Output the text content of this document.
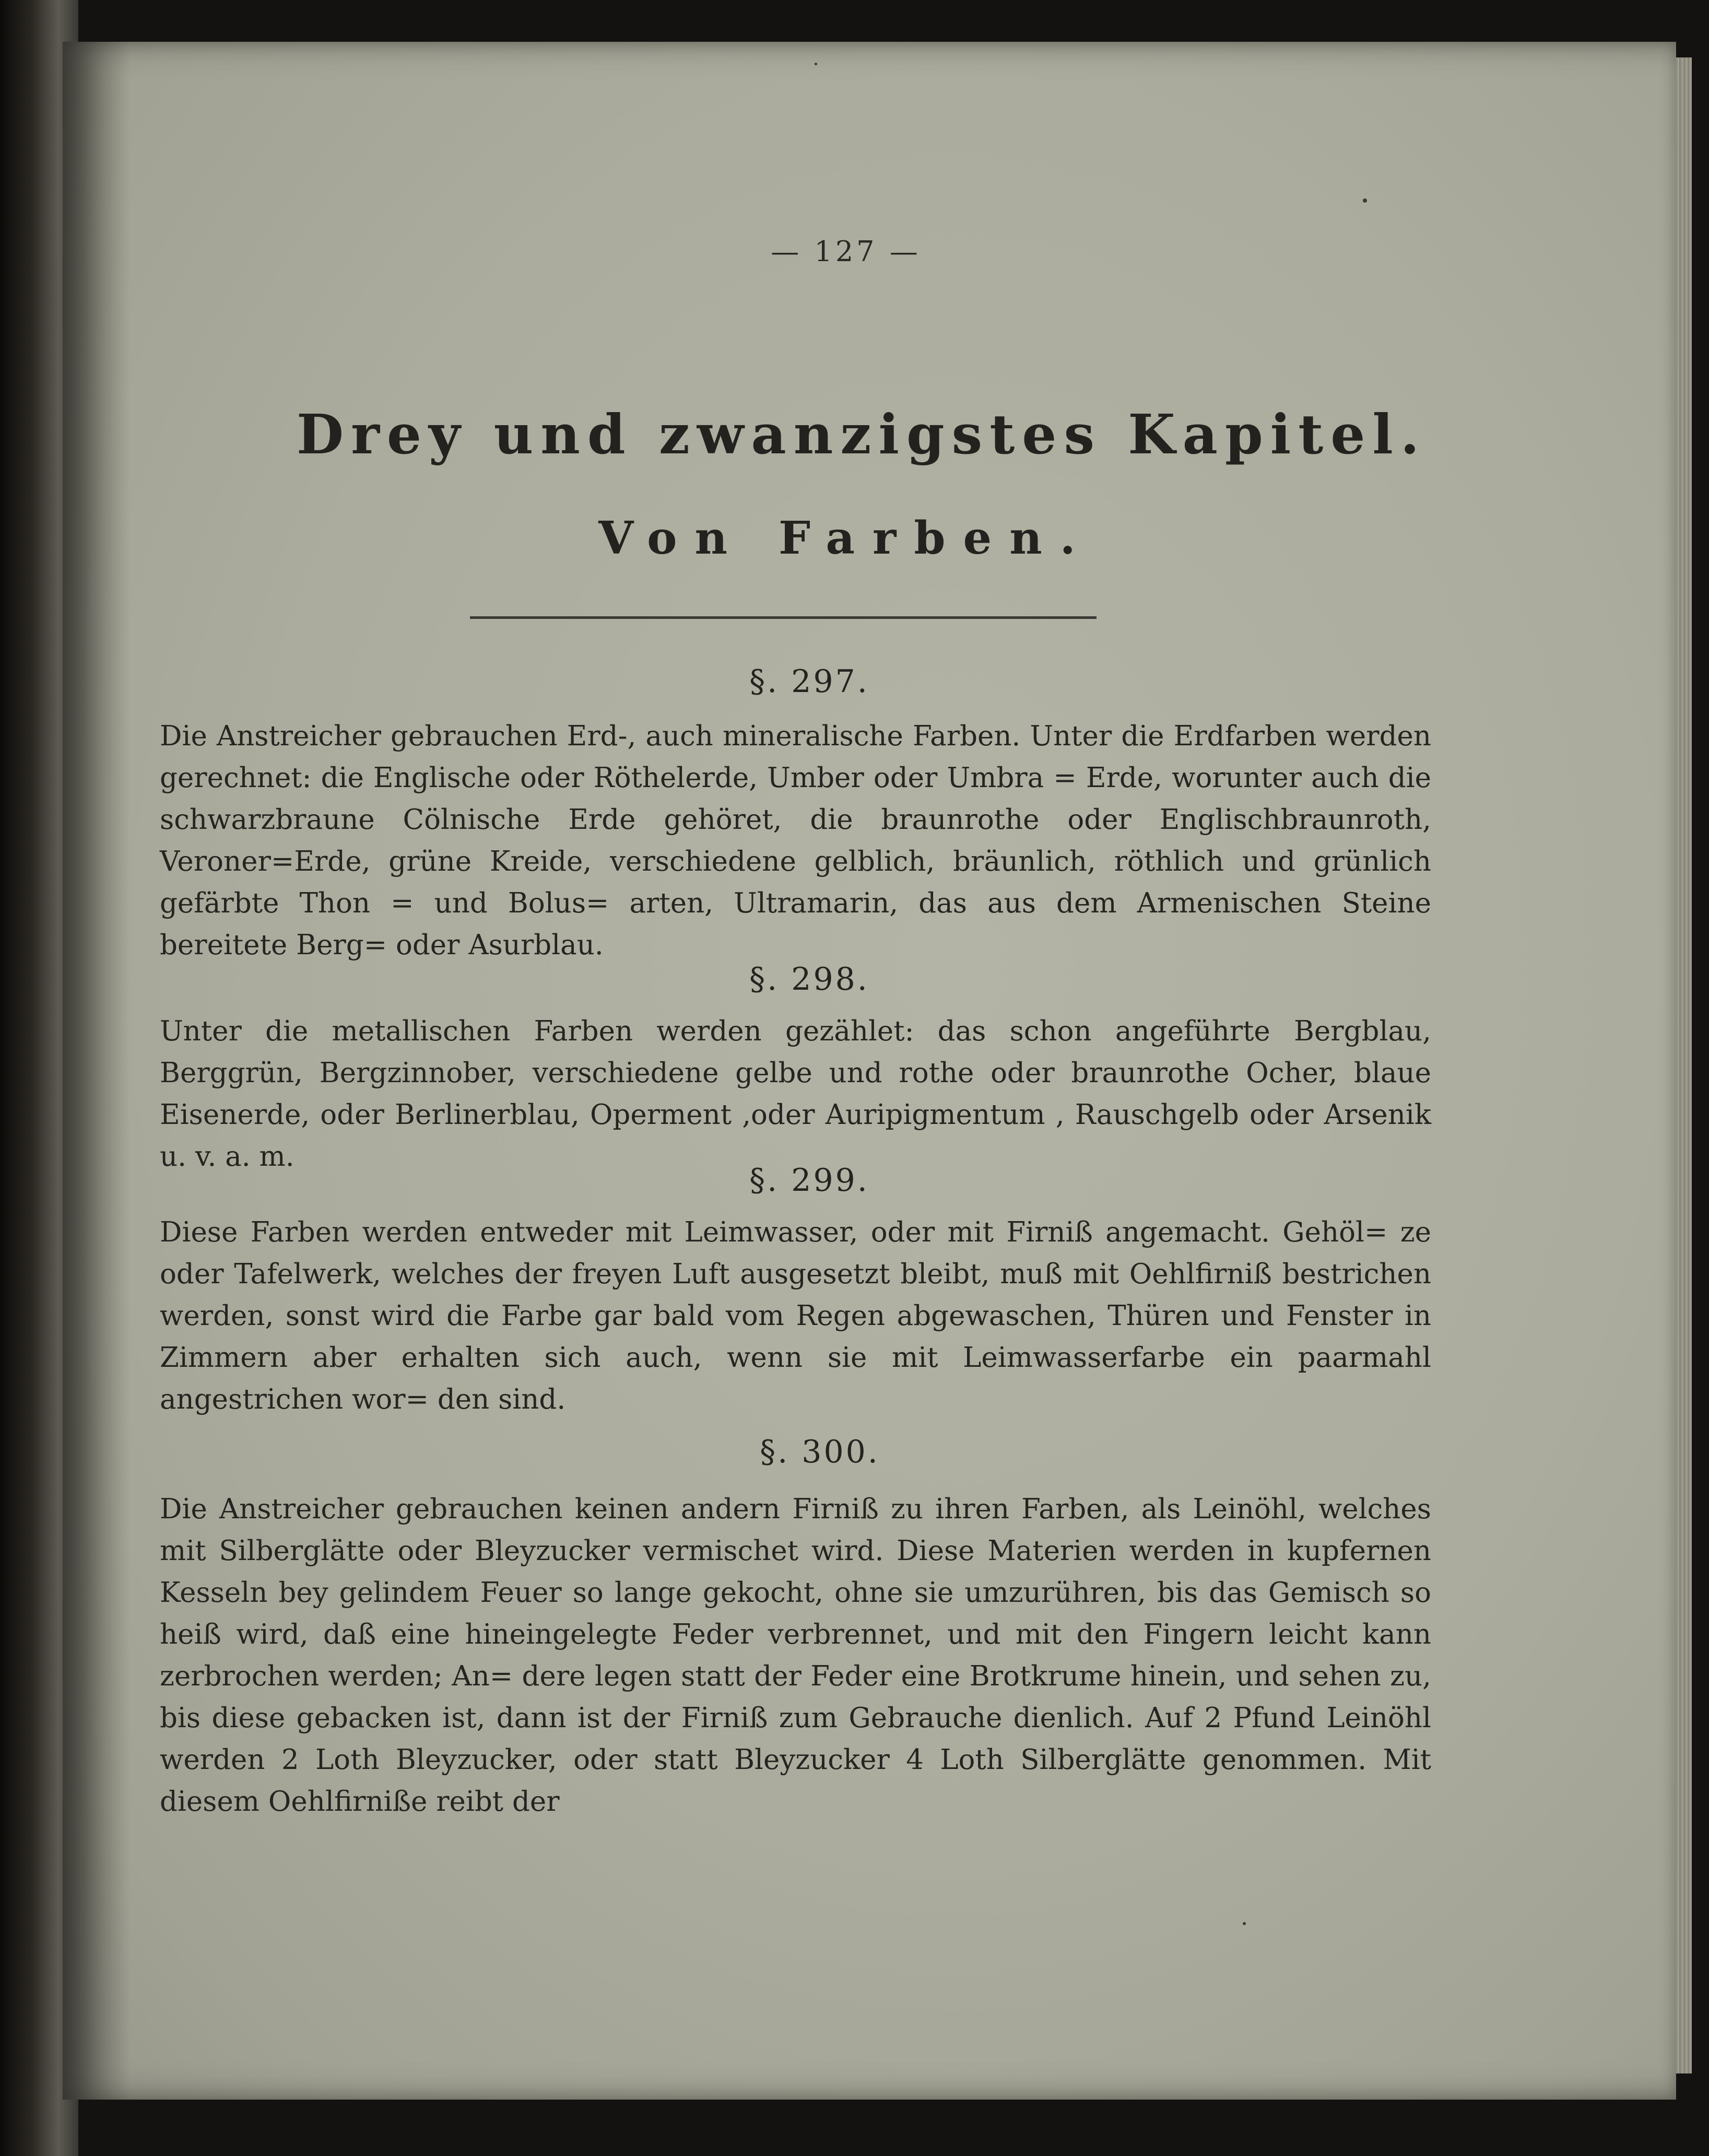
— 127 —
Drey und zwanzigstes Kapitel.
Von Farben.
§. 297.
Die Anstreicher gebrauchen Erd-, auch mineralische Farben. Unter die Erdfarben werden gerechnet: die Englische oder Röthelerde, Umber oder Umbra = Erde, worunter auch die schwarzbraune Cölnische Erde gehöret, die braunrothe oder Englischbraunroth, Veroner=Erde, grüne Kreide, verschiedene gelblich, bräunlich, röthlich und grünlich gefärbte Thon = und Bolus= arten, Ultramarin, das aus dem Armenischen Steine bereitete Berg= oder Asurblau.
§. 298.
Unter die metallischen Farben werden gezählet: das schon angeführte Bergblau, Berggrün, Bergzinnober, verschiedene gelbe und rothe oder braunrothe Ocher, blaue Eisenerde, oder Berlinerblau, Operment ,oder Auripigmentum , Rauschgelb oder Arsenik u. v. a. m.
§. 299.
Diese Farben werden entweder mit Leimwasser, oder mit Firniß angemacht. Gehöl= ze oder Tafelwerk, welches der freyen Luft ausgesetzt bleibt, muß mit Oehlfirniß bestrichen werden, sonst wird die Farbe gar bald vom Regen abgewaschen, Thüren und Fenster in Zimmern aber erhalten sich auch, wenn sie mit Leimwasserfarbe ein paarmahl angestrichen wor= den sind.
§. 300.
Die Anstreicher gebrauchen keinen andern Firniß zu ihren Farben, als Leinöhl, welches mit Silberglätte oder Bleyzucker vermischet wird. Diese Materien werden in kupfernen Kesseln bey gelindem Feuer so lange gekocht, ohne sie umzurühren, bis das Gemisch so heiß wird, daß eine hineingelegte Feder verbrennet, und mit den Fingern leicht kann zerbrochen werden; An= dere legen statt der Feder eine Brotkrume hinein, und sehen zu, bis diese gebacken ist, dann ist der Firniß zum Gebrauche dienlich. Auf 2 Pfund Leinöhl werden 2 Loth Bleyzucker, oder statt Bleyzucker 4 Loth Silberglätte genommen. Mit diesem Oehlfirniße reibt der
